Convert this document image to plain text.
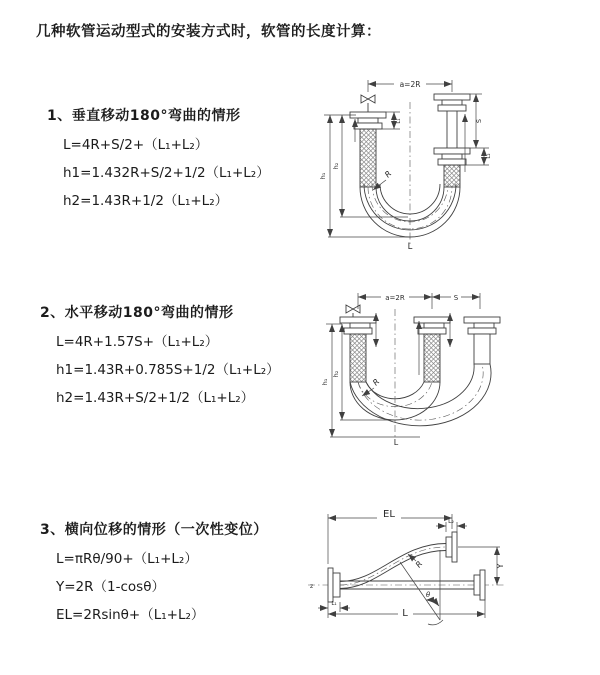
几种软管运动型式的安装方式时，软管的长度计算：
1、垂直移动180°弯曲的情形
L=4R+S/2+（L₁+L₂）
h1=1.432R+S/2+1/2（L₁+L₂）
h2=1.43R+1/2（L₁+L₂）
2、水平移动180°弯曲的情形
L=4R+1.57S+（L₁+L₂）
h1=1.43R+0.785S+1/2（L₁+L₂）
h2=1.43R+S/2+1/2（L₁+L₂）
3、横向位移的情形（一次性变位）
L=πRθ/90+（L₁+L₂）
Y=2R（1-cosθ）
EL=2Rsinθ+（L₁+L₂）
a=2R
h₁
h₂
L₁	S
L₂
R
L
a=2R	S
h₁
h₂
R
L
z
EL
L₂
Y
L
L₁
R
θ
